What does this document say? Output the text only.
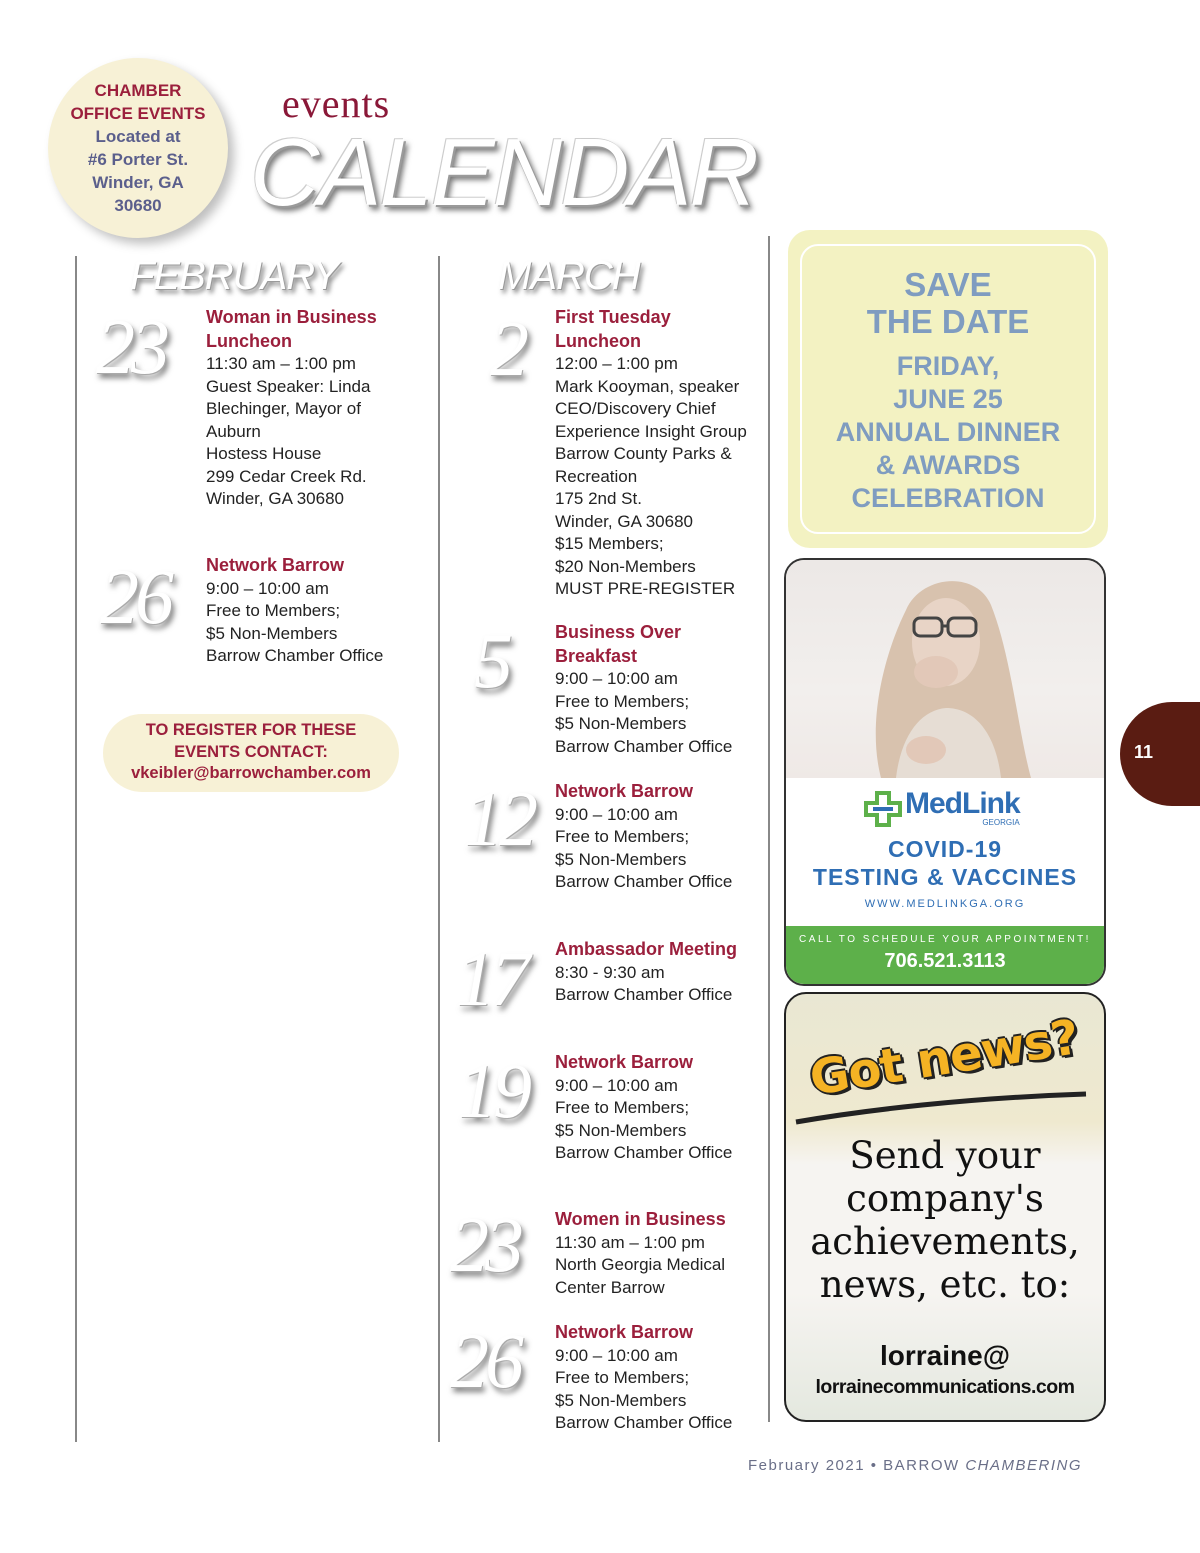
CHAMBER
OFFICE EVENTS
Located at
#6 Porter St.
Winder, GA
30680
events
CALENDAR
FEBRUARY
23 Woman in Business
Luncheon
11:30 am – 1:00 pm
Guest Speaker: Linda
Blechinger, Mayor of
Auburn
Hostess House
299 Cedar Creek Rd.
Winder, GA 30680
26 Network Barrow
9:00 – 10:00 am
Free to Members;
$5 Non-Members
Barrow Chamber Office
TO REGISTER FOR THESE
EVENTS CONTACT:
vkeibler@barrowchamber.com
MARCH
2 First Tuesday
Luncheon
12:00 – 1:00 pm
Mark Kooyman, speaker
CEO/Discovery Chief
Experience Insight Group
Barrow County Parks &
Recreation
175 2nd St.
Winder, GA 30680
$15 Members;
$20 Non-Members
MUST PRE-REGISTER
5	Business Over
Breakfast
9:00 – 10:00 am
Free to Members;
$5 Non-Members
Barrow Chamber Office
12 Network Barrow
9:00 – 10:00 am
Free to Members;
$5 Non-Members
Barrow Chamber Office
17 Ambassador Meeting
8:30 - 9:30 am
Barrow Chamber Office
19 Network Barrow
9:00 – 10:00 am
Free to Members;
$5 Non-Members
Barrow Chamber Office
23 Women in Business
11:30 am – 1:00 pm
North Georgia Medical
Center Barrow
26 Network Barrow
9:00 – 10:00 am
Free to Members;
$5 Non-Members
Barrow Chamber Office
SAVE
THE DATE
FRIDAY,
JUNE 25
ANNUAL DINNER
& AWARDS
CELEBRATION
MedLink
GEORGIA
COVID-19
TESTING & VACCINES
WWW.MEDLINKGA.ORG
CALL TO SCHEDULE YOUR APPOINTMENT!
706.521.3113
Got news?
Send your
company's
achievements,
news, etc. to:
lorraine@
lorrainecommunications.com
11
February 2021 • BARROW CHAMBERING
